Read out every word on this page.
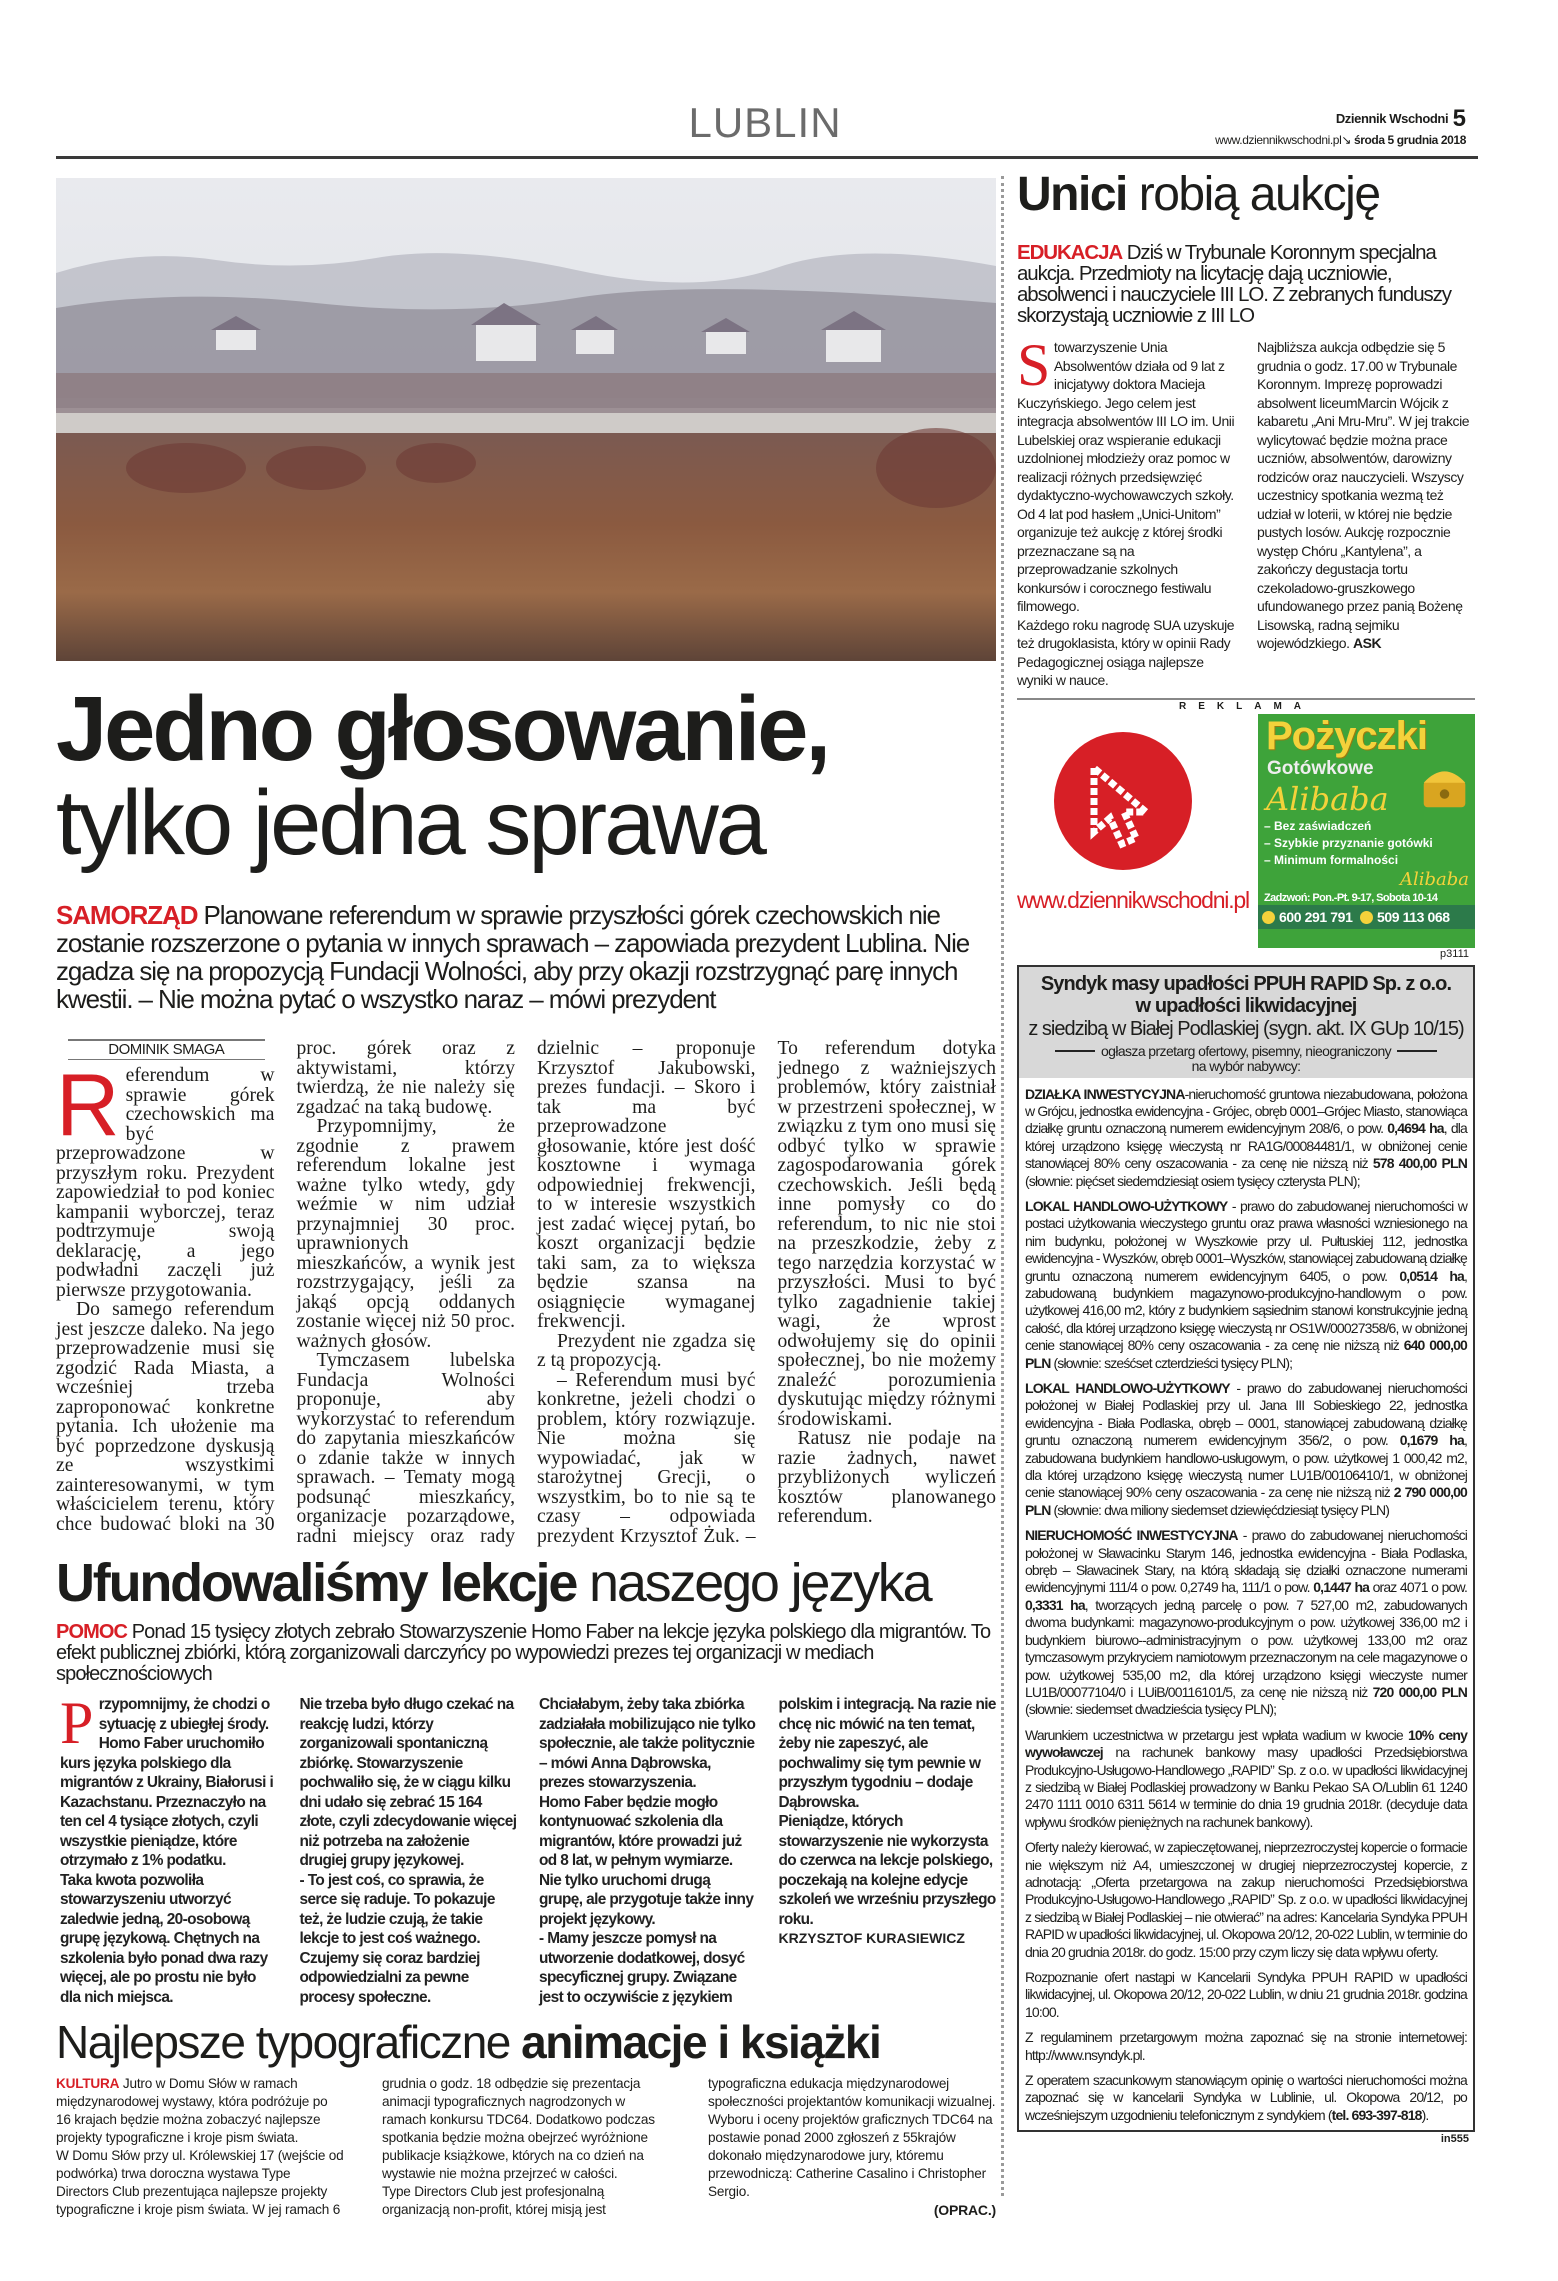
LUBLIN	Dziennik Wschodni 5
www.dziennikwschodni.pl↘ środa 5 grudnia 2018
Jedno głosowanie,
tylko jedna sprawa
SAMORZĄD Planowane referendum w sprawie przyszłości górek czechowskich nie zostanie rozszerzone o pytania w innych sprawach – zapowiada prezydent Lublina. Nie zgadza się na propozycją Fundacji Wolności, aby przy okazji rozstrzygnąć parę innych kwestii. – Nie można pytać o wszystko naraz – mówi prezydent
DOMINIK SMAGA

Referendum w sprawie górek czechowskich ma być przeprowadzone w przyszłym roku. Prezydent zapowiedział to pod koniec kampanii wyborczej, teraz podtrzymuje swoją deklarację, a jego podwładni zaczęli już pierwsze przygotowania.

Do samego referendum jest jeszcze daleko. Na jego przeprowadzenie musi się zgodzić Rada Miasta, a wcześniej trzeba zaproponować konkretne pytania. Ich ułożenie ma być poprzedzone dyskusją ze wszystkimi zainteresowanymi, w tym właścicielem terenu, który chce budować bloki na 30 proc. górek oraz z aktywistami, którzy twierdzą, że nie należy się zgadzać na taką budowę.

Przypomnijmy, że zgodnie z prawem referendum lokalne jest ważne tylko wtedy, gdy weźmie w nim udział przynajmniej 30 proc. uprawnionych mieszkańców, a wynik jest rozstrzygający, jeśli za jakąś opcją oddanych zostanie więcej niż 50 proc. ważnych głosów.

Tymczasem lubelska Fundacja Wolności proponuje, aby wykorzystać to referendum do zapytania mieszkańców o zdanie także w innych sprawach. – Tematy mogą podsunąć mieszkańcy, organizacje pozarządowe, radni miejscy oraz rady dzielnic – proponuje Krzysztof Jakubowski, prezes fundacji. – Skoro i tak ma być przeprowadzone głosowanie, które jest dość kosztowne i wymaga odpowiedniej frekwencji, to w interesie wszystkich jest zadać więcej pytań, bo koszt organizacji będzie taki sam, za to większa będzie szansa na osiągnięcie wymaganej frekwencji.

Prezydent nie zgadza się z tą propozycją.

– Referendum musi być konkretne, jeżeli chodzi o problem, który rozwiązuje. Nie można się wypowiadać, jak w starożytnej Grecji, o wszystkim, bo to nie są te czasy – odpowiada prezydent Krzysztof Żuk. – To referendum dotyka jednego z ważniejszych problemów, który zaistniał w przestrzeni społecznej, w związku z tym ono musi się odbyć tylko w sprawie zagospodarowania górek czechowskich. Jeśli będą inne pomysły co do referendum, to nic nie stoi na przeszkodzie, żeby z tego narzędzia korzystać w przyszłości. Musi to być tylko zagadnienie takiej wagi, że wprost odwołujemy się do opinii społecznej, bo nie możemy znaleźć porozumienia dyskutując między różnymi środowiskami.

Ratusz nie podaje na razie żadnych, nawet przybliżonych wyliczeń kosztów planowanego referendum.

Ufundowaliśmy lekcje naszego języka
POMOC Ponad 15 tysięcy złotych zebrało Stowarzyszenie Homo Faber na lekcje języka polskiego dla migrantów. To efekt publicznej zbiórki, którą zorganizowali darczyńcy po wypowiedzi prezes tej organizacji w mediach społecznościowych

Przypomnijmy, że chodzi o sytuację z ubiegłej środy. Homo Faber uruchomiło kurs języka polskiego dla migrantów z Ukrainy, Białorusi i Kazachstanu. Przeznaczyło na ten cel 4 tysiące złotych, czyli wszystkie pieniądze, które otrzymało z 1% podatku.

Taka kwota pozwoliła stowarzyszeniu utworzyć zaledwie jedną, 20-osobową grupę językową. Chętnych na szkolenia było ponad dwa razy więcej, ale po prostu nie było dla nich miejsca.

Nie trzeba było długo czekać na reakcję ludzi, którzy zorganizowali spontaniczną zbiórkę. Stowarzyszenie pochwaliło się, że w ciągu kilku dni udało się zebrać 15 164 złote, czyli zdecydowanie więcej niż potrzeba na założenie drugiej grupy językowej.

- To jest coś, co sprawia, że serce się raduje. To pokazuje też, że ludzie czują, że takie lekcje to jest coś ważnego. Czujemy się coraz bardziej odpowiedzialni za pewne procesy społeczne. Chciałabym, żeby taka zbiórka zadziałała mobilizująco nie tylko społecznie, ale także politycznie – mówi Anna Dąbrowska, prezes stowarzyszenia.

Homo Faber będzie mogło kontynuować szkolenia dla migrantów, które prowadzi już od 8 lat, w pełnym wymiarze. Nie tylko uruchomi drugą grupę, ale przygotuje także inny projekt językowy.

- Mamy jeszcze pomysł na utworzenie dodatkowej, dosyć specyficznej grupy. Związane jest to oczywiście z językiem polskim i integracją. Na razie nie chcę nic mówić na ten temat, żeby nie zapeszyć, ale pochwalimy się tym pewnie w przyszłym tygodniu – dodaje Dąbrowska.

Pieniądze, których stowarzyszenie nie wykorzysta do czerwca na lekcje polskiego, poczekają na kolejne edycje szkoleń we wrześniu przyszłego roku.

KRZYSZTOF KURASIEWICZ
Najlepsze typograficzne animacje i książki

KULTURA Jutro w Domu Słów w ramach międzynarodowej wystawy, która podróżuje po 16 krajach będzie można zobaczyć najlepsze projekty typograficzne i kroje pism świata.

W Domu Słów przy ul. Królewskiej 17 (wejście od podwórka) trwa doroczna wystawa Type Directors Club prezentująca najlepsze projekty typograficzne i kroje pism świata. W jej ramach 6 grudnia o godz. 18 odbędzie się prezentacja animacji typograficznych nagrodzonych w ramach konkursu TDC64. Dodatkowo podczas spotkania będzie można obejrzeć wyróżnione publikacje książkowe, których na co dzień na wystawie nie można przejrzeć w całości.

Type Directors Club jest profesjonalną organizacją non-profit, której misją jest typograficzna edukacja międzynarodowej społeczności projektantów komunikacji wizualnej. Wyboru i oceny projektów graficznych TDC64 na postawie ponad 2000 zgłoszeń z 55krajów dokonało międzynarodowe jury, któremu przewodniczą: Catherine Casalino i Christopher Sergio.

(OPRAC.)
Unici robią aukcję
EDUKACJA Dziś w Trybunale Koronnym specjalna aukcja. Przedmioty na licytację dają uczniowie, absolwenci i nauczyciele III LO. Z zebranych funduszy skorzystają uczniowie z III LO

Stowarzyszenie Unia Absolwentów działa od 9 lat z inicjatywy doktora Macieja Kuczyńskiego. Jego celem jest integracja absolwentów III LO im. Unii Lubelskiej oraz wspieranie edukacji uzdolnionej młodzieży oraz pomoc w realizacji różnych przedsięwzięć dydaktyczno-wychowawczych szkoły. Od 4 lat pod hasłem „Unici-Unitom” organizuje też aukcję z której środki przeznaczane są na przeprowadzanie szkolnych konkursów i corocznego festiwalu filmowego.

Każdego roku nagrodę SUA uzyskuje też drugoklasista, który w opinii Rady Pedagogicznej osiąga najlepsze wyniki w nauce.

Najbliższa aukcja odbędzie się 5 grudnia o godz. 17.00 w Trybunale Koronnym. Imprezę poprowadzi absolwent liceumMarcin Wójcik z kabaretu „Ani Mru-Mru”. W jej trakcie wylicytować będzie można prace uczniów, absolwentów, darowizny rodziców oraz nauczycieli. Wszyscy uczestnicy spotkania wezmą też udział w loterii, w której nie będzie pustych losów. Aukcję rozpocznie występ Chóru „Kantylena”, a zakończy degustacja tortu czekoladowo-gruszkowego ufundowanego przez panią Bożenę Lisowską, radną sejmiku wojewódzkiego. ASK

REKLAMA
www.dziennikwschodni.pl
Pożyczki
Gotówkowe
Alibaba
– Bez zaświadczeń
– Szybkie przyznanie gotówki
– Minimum formalności
Alibaba
Zadzwoń: Pon.-Pt. 9-17, Sobota 10-14
600 291 791 509 113 068
p3111
Syndyk masy upadłości PPUH RAPID Sp. z o.o.
w upadłości likwidacyjnej
z siedzibą w Białej Podlaskiej (sygn. akt. IX GUp 10/15)
ogłasza przetarg ofertowy, pisemny, nieograniczony
na wybór nabywcy:

DZIAŁKA INWESTYCYJNA-nieruchomość gruntowa niezabudowana, położona w Grójcu, jednostka ewidencyjna - Grójec, obręb 0001–Grójec Miasto, stanowiąca działkę gruntu oznaczoną numerem ewidencyjnym 208/6, o pow. 0,4694 ha, dla której urządzono księgę wieczystą nr RA1G/00084481/1, w obniżonej cenie stanowiącej 80% ceny oszacowania - za cenę nie niższą niż 578 400,00 PLN (słownie: pięćset siedemdziesiąt osiem tysięcy czterysta PLN);

LOKAL HANDLOWO-UŻYTKOWY - prawo do zabudowanej nieruchomości w postaci użytkowania wieczystego gruntu oraz prawa własności wzniesionego na nim budynku, położonej w Wyszkowie przy ul. Pułtuskiej 112, jednostka ewidencyjna - Wyszków, obręb 0001–Wyszków, stanowiącej zabudowaną działkę gruntu oznaczoną numerem ewidencyjnym 6405, o pow. 0,0514 ha, zabudowaną budynkiem magazynowo-produkcyjno-handlowym o pow. użytkowej 416,00 m2, który z budynkiem sąsiednim stanowi konstrukcyjnie jedną całość, dla której urządzono księgę wieczystą nr OS1W/00027358/6, w obniżonej cenie stanowiącej 80% ceny oszacowania - za cenę nie niższą niż 640 000,00 PLN (słownie: sześćset czterdzieści tysięcy PLN);

LOKAL HANDLOWO-UŻYTKOWY - prawo do zabudowanej nieruchomości położonej w Białej Podlaskiej przy ul. Jana III Sobieskiego 22, jednostka ewidencyjna - Biała Podlaska, obręb – 0001, stanowiącej zabudowaną działkę gruntu oznaczoną numerem ewidencyjnym 356/2, o pow. 0,1679 ha, zabudowana budynkiem handlowo-usługowym, o pow. użytkowej 1 000,42 m2, dla której urządzono księgę wieczystą numer LU1B/00106410/1, w obniżonej cenie stanowiącej 90% ceny oszacowania - za cenę nie niższą niż 2 790 000,00 PLN (słownie: dwa miliony siedemset dziewięćdziesiąt tysięcy PLN)

NIERUCHOMOŚĆ INWESTYCYJNA - prawo do zabudowanej nieruchomości położonej w Sławacinku Starym 146, jednostka ewidencyjna - Biała Podlaska, obręb – Sławacinek Stary, na którą składają się działki oznaczone numerami ewidencyjnymi 111/4 o pow. 0,2749 ha, 111/1 o pow. 0,1447 ha oraz 4071 o pow. 0,3331 ha, tworzących jedną parcelę o pow. 7 527,00 m2, zabudowanych dwoma budynkami: magazynowo-produkcyjnym o pow. użytkowej 336,00 m2 i budynkiem biurowo--administracyjnym o pow. użytkowej 133,00 m2 oraz tymczasowym przykryciem namiotowym przeznaczonym na cele magazynowe o pow. użytkowej 535,00 m2, dla której urządzono księgi wieczyste numer LU1B/00077104/0 i LUiB/00116101/5, za cenę nie niższą niż 720 000,00 PLN (słownie: siedemset dwadzieścia tysięcy PLN);

Warunkiem uczestnictwa w przetargu jest wpłata wadium w kwocie 10% ceny wywoławczej na rachunek bankowy masy upadłości Przedsiębiorstwa Produkcyjno-Usługowo-Handlowego „RAPID” Sp. z o.o. w upadłości likwidacyjnej z siedzibą w Białej Podlaskiej prowadzony w Banku Pekao SA O/Lublin 61 1240 2470 1111 0010 6311 5614 w terminie do dnia 19 grudnia 2018r. (decyduje data wpływu środków pieniężnych na rachunek bankowy).

Oferty należy kierować, w zapieczętowanej, nieprzezroczystej kopercie o formacie nie większym niż A4, umieszczonej w drugiej nieprzezroczystej kopercie, z adnotacją: „Oferta przetargowa na zakup nieruchomości Przedsiębiorstwa Produkcyjno-Usługowo-Handlowego „RAPID” Sp. z o.o. w upadłości likwidacyjnej z siedzibą w Białej Podlaskiej – nie otwierać” na adres: Kancelaria Syndyka PPUH RAPID w upadłości likwidacyjnej, ul. Okopowa 20/12, 20-022 Lublin, w terminie do dnia 20 grudnia 2018r. do godz. 15:00 przy czym liczy się data wpływu oferty.

Rozpoznanie ofert nastąpi w Kancelarii Syndyka PPUH RAPID w upadłości likwidacyjnej, ul. Okopowa 20/12, 20-022 Lublin, w dniu 21 grudnia 2018r. godzina 10:00.

Z regulaminem przetargowym można zapoznać się na stronie internetowej: http://www.nsyndyk.pl.

Z operatem szacunkowym stanowiącym opinię o wartości nieruchomości można zapoznać się w kancelarii Syndyka w Lublinie, ul. Okopowa 20/12, po wcześniejszym uzgodnieniu telefonicznym z syndykiem (tel. 693-397-818).

in555
